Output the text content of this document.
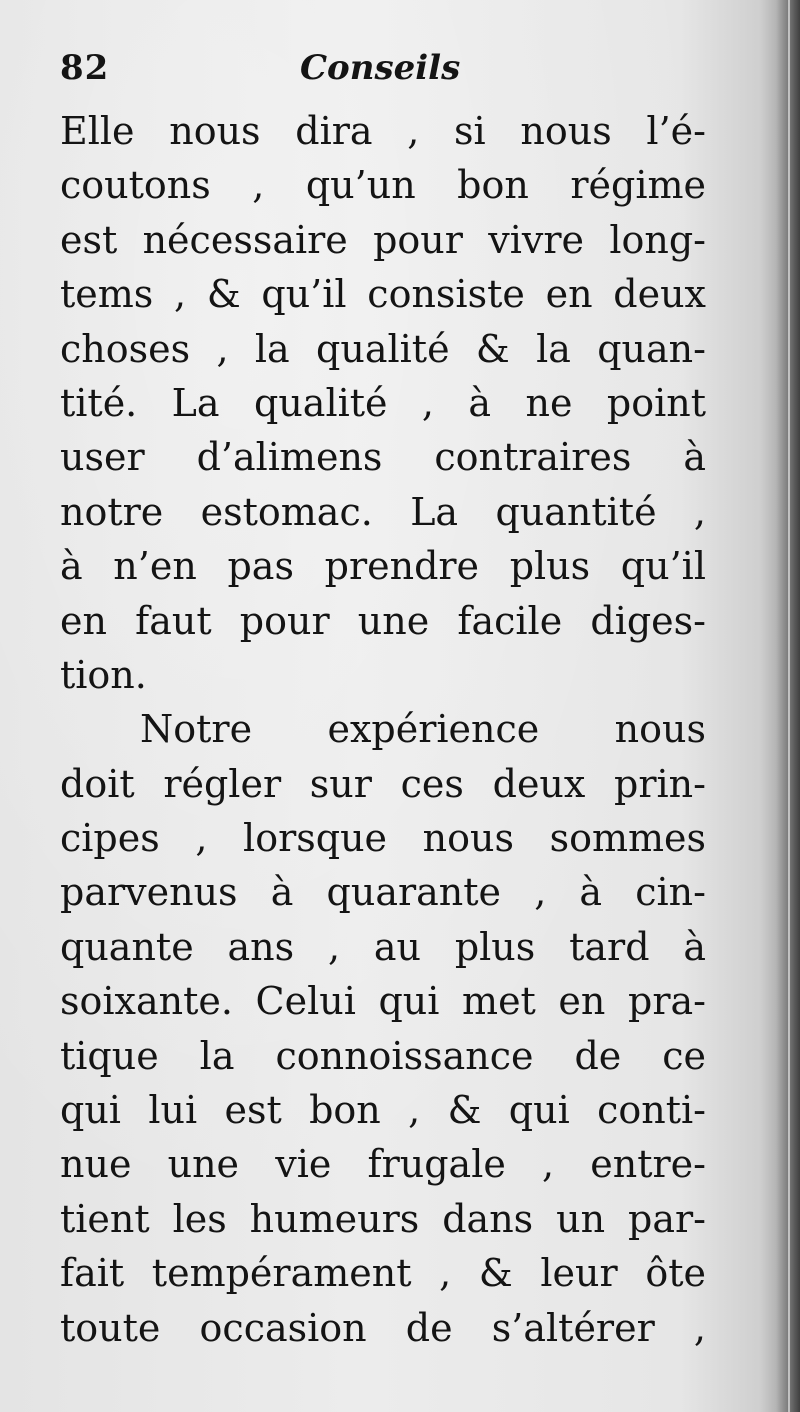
82	Conseils
Elle nous dira , si nous l’é-
coutons , qu’un bon régime
est nécessaire pour vivre long-
tems , & qu’il consiste en deux
choses , la qualité & la quan-
tité. La qualité , à ne point
user d’alimens contraires à
notre estomac. La quantité ,
à n’en pas prendre plus qu’il
en faut pour une facile diges-
tion.
Notre expérience nous
doit régler sur ces deux prin-
cipes , lorsque nous sommes
parvenus à quarante , à cin-
quante ans , au plus tard à
soixante. Celui qui met en pra-
tique la connoissance de ce
qui lui est bon , & qui conti-
nue une vie frugale , entre-
tient les humeurs dans un par-
fait tempérament , & leur ôte
toute occasion de s’altérer ,
